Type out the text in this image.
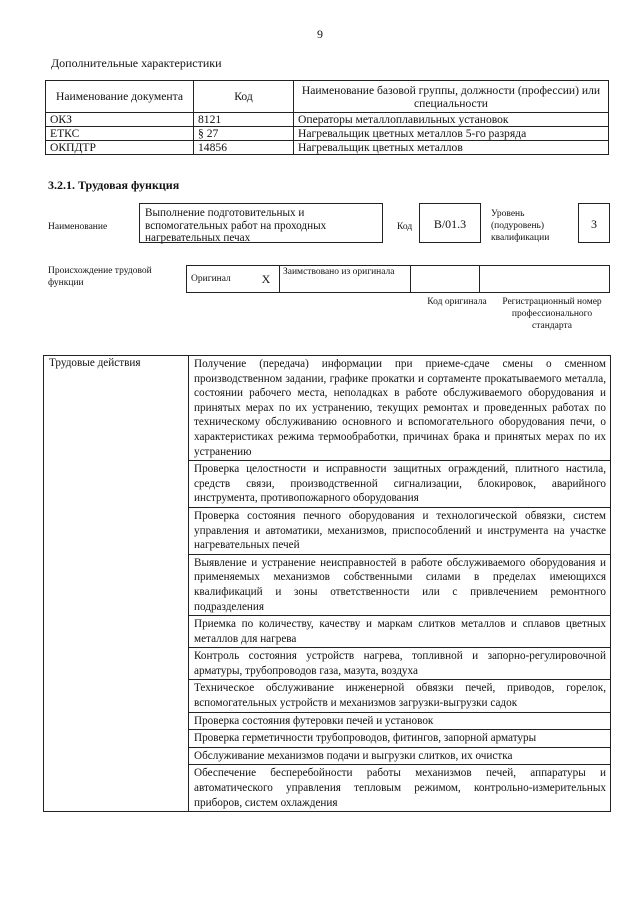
9
Дополнительные характеристики
Наименование документа	Код	Наименование базовой группы, должности (профессии) или специальности
ОКЗ	8121	Операторы металлоплавильных установок
ЕТКС	§ 27	Нагревальщик цветных металлов 5-го разряда
ОКПДТР	14856	Нагревальщик цветных металлов
3.2.1. Трудовая функция
Наименование
Выполнение подготовительных и вспомогательных работ на проходных нагревательных печах
Код	B/01.3
Уровень (подуровень) квалификации
3
Происхождение трудовой функции	Оригинал	X	Заимствовано из оригинала		
Код оригинала	Регистрационный номер профессионального стандарта
Трудовые действия	Получение (передача) информации при приеме-сдаче смены о сменном производственном задании, графике прокатки и сортаменте прокатываемого металла, состоянии рабочего места, неполадках в работе обслуживаемого оборудования и принятых мерах по их устранению, текущих ремонтах и проведенных работах по техническому обслуживанию основного и вспомогательного оборудования печи, о характеристиках режима термообработки, причинах брака и принятых мерах по их устранению
Проверка целостности и исправности защитных ограждений, плитного настила, средств связи, производственной сигнализации, блокировок, аварийного инструмента, противопожарного оборудования
Проверка состояния печного оборудования и технологической обвязки, систем управления и автоматики, механизмов, приспособлений и инструмента на участке нагревательных печей
Выявление и устранение неисправностей в работе обслуживаемого оборудования и применяемых механизмов собственными силами в пределах имеющихся квалификаций и зоны ответственности или с привлечением ремонтного подразделения
Приемка по количеству, качеству и маркам слитков металлов и сплавов цветных металлов для нагрева
Контроль состояния устройств нагрева, топливной и запорно-регулировочной арматуры, трубопроводов газа, мазута, воздуха
Техническое обслуживание инженерной обвязки печей, приводов, горелок, вспомогательных устройств и механизмов загрузки-выгрузки садок
Проверка состояния футеровки печей и установок
Проверка герметичности трубопроводов, фитингов, запорной арматуры
Обслуживание механизмов подачи и выгрузки слитков, их очистка
Обеспечение бесперебойности работы механизмов печей, аппаратуры и автоматического управления тепловым режимом, контрольно-измерительных приборов, систем охлаждения
